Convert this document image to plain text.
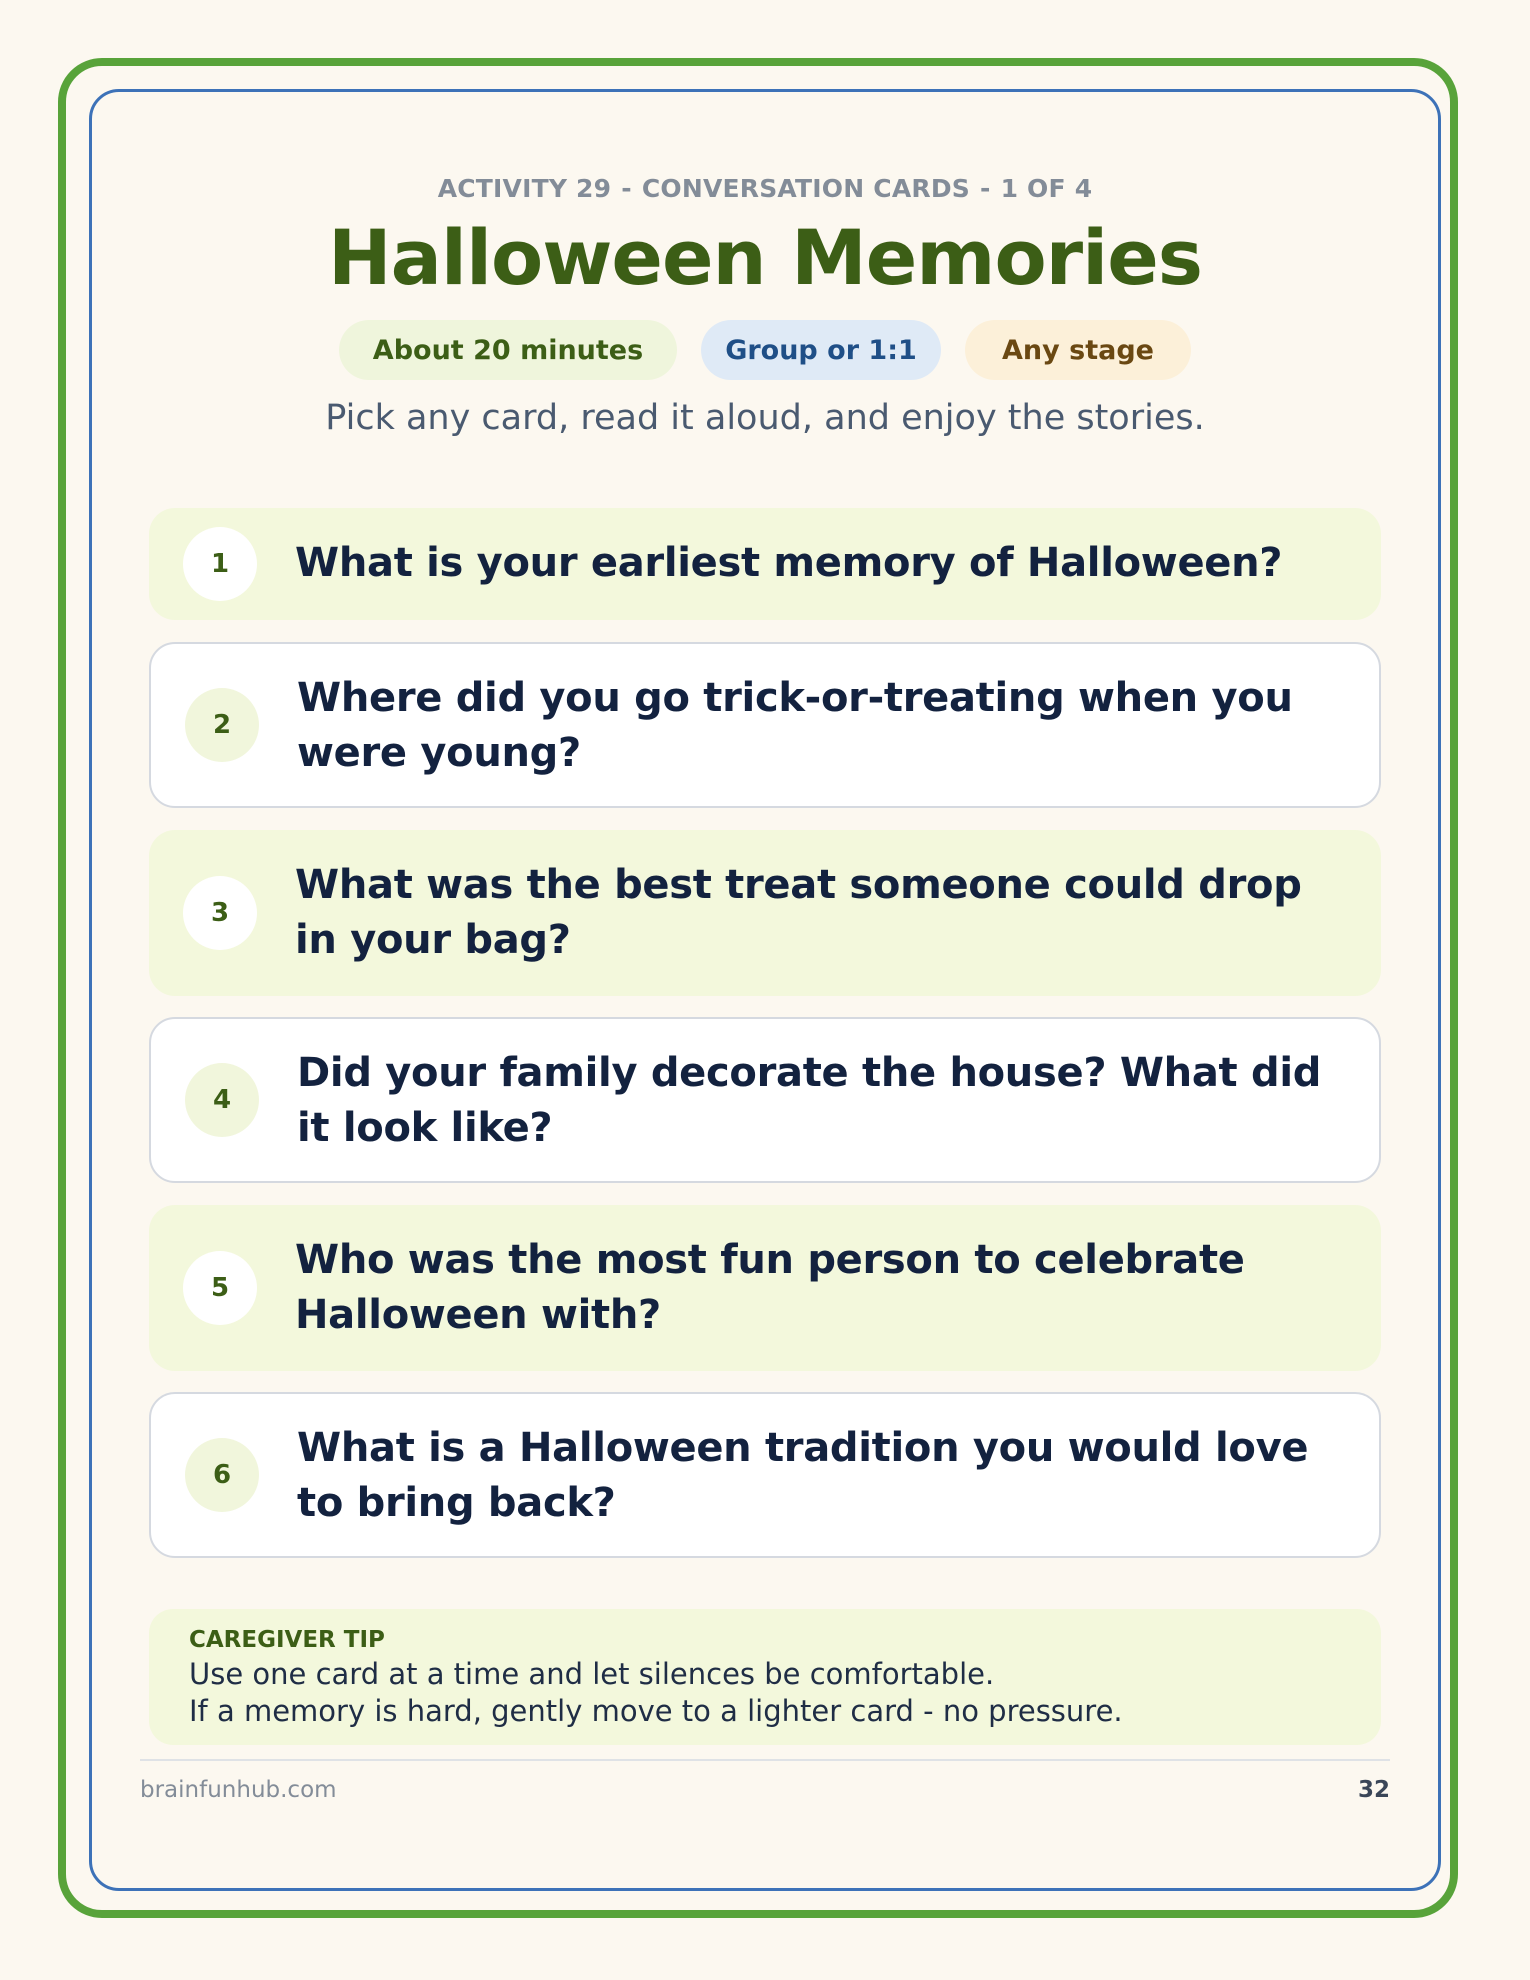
ACTIVITY 29 - CONVERSATION CARDS - 1 OF 4
Halloween Memories
About 20 minutes	Group or 1:1	Any stage
Pick any card, read it aloud, and enjoy the stories.
1	What is your earliest memory of Halloween?
2
Where did you go trick-or-treating when you were young?
3
What was the best treat someone could drop in your bag?
4
Did your family decorate the house? What did it look like?
5
Who was the most fun person to celebrate Halloween with?
6
What is a Halloween tradition you would love to bring back?
CAREGIVER TIP
Use one card at a time and let silences be comfortable.
If a memory is hard, gently move to a lighter card - no pressure.
brainfunhub.com	32
